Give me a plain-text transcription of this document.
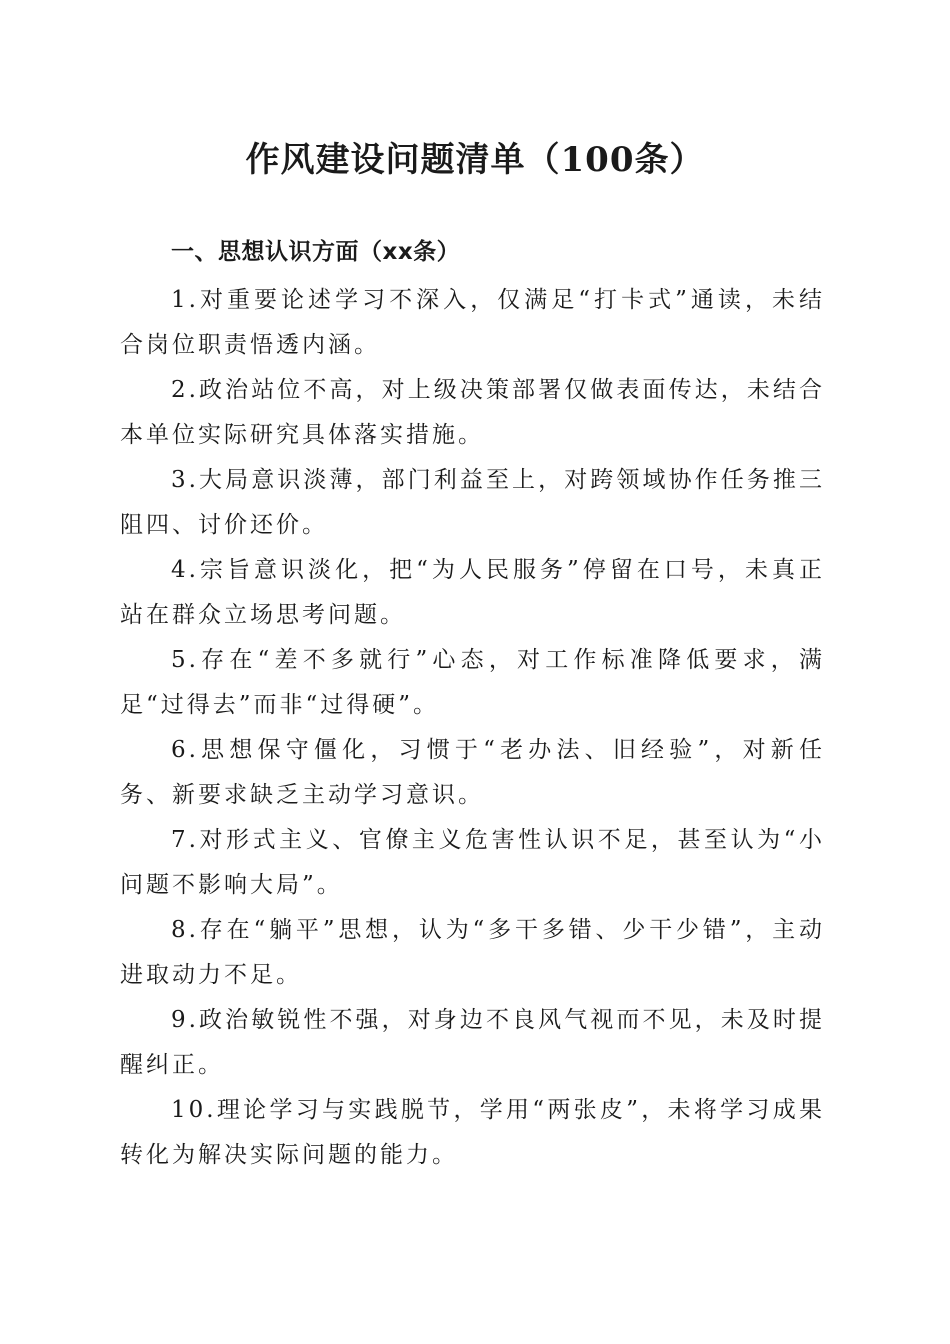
作风建设问题清单（100条）
一、思想认识方面（xx条）

1.对重要论述学习不深入，仅满足“打卡式”通读，未结合岗位职责悟透内涵。

2.政治站位不高，对上级决策部署仅做表面传达，未结合本单位实际研究具体落实措施。

3.大局意识淡薄，部门利益至上，对跨领域协作任务推三阻四、讨价还价。

4.宗旨意识淡化，把“为人民服务”停留在口号，未真正站在群众立场思考问题。

5.存在“差不多就行”心态，对工作标准降低要求，满足“过得去”而非“过得硬”。

6.思想保守僵化，习惯于“老办法、旧经验”，对新任务、新要求缺乏主动学习意识。

7.对形式主义、官僚主义危害性认识不足，甚至认为“小问题不影响大局”。

8.存在“躺平”思想，认为“多干多错、少干少错”，主动进取动力不足。

9.政治敏锐性不强，对身边不良风气视而不见，未及时提醒纠正。

10.理论学习与实践脱节，学用“两张皮”，未将学习成果转化为解决实际问题的能力。
